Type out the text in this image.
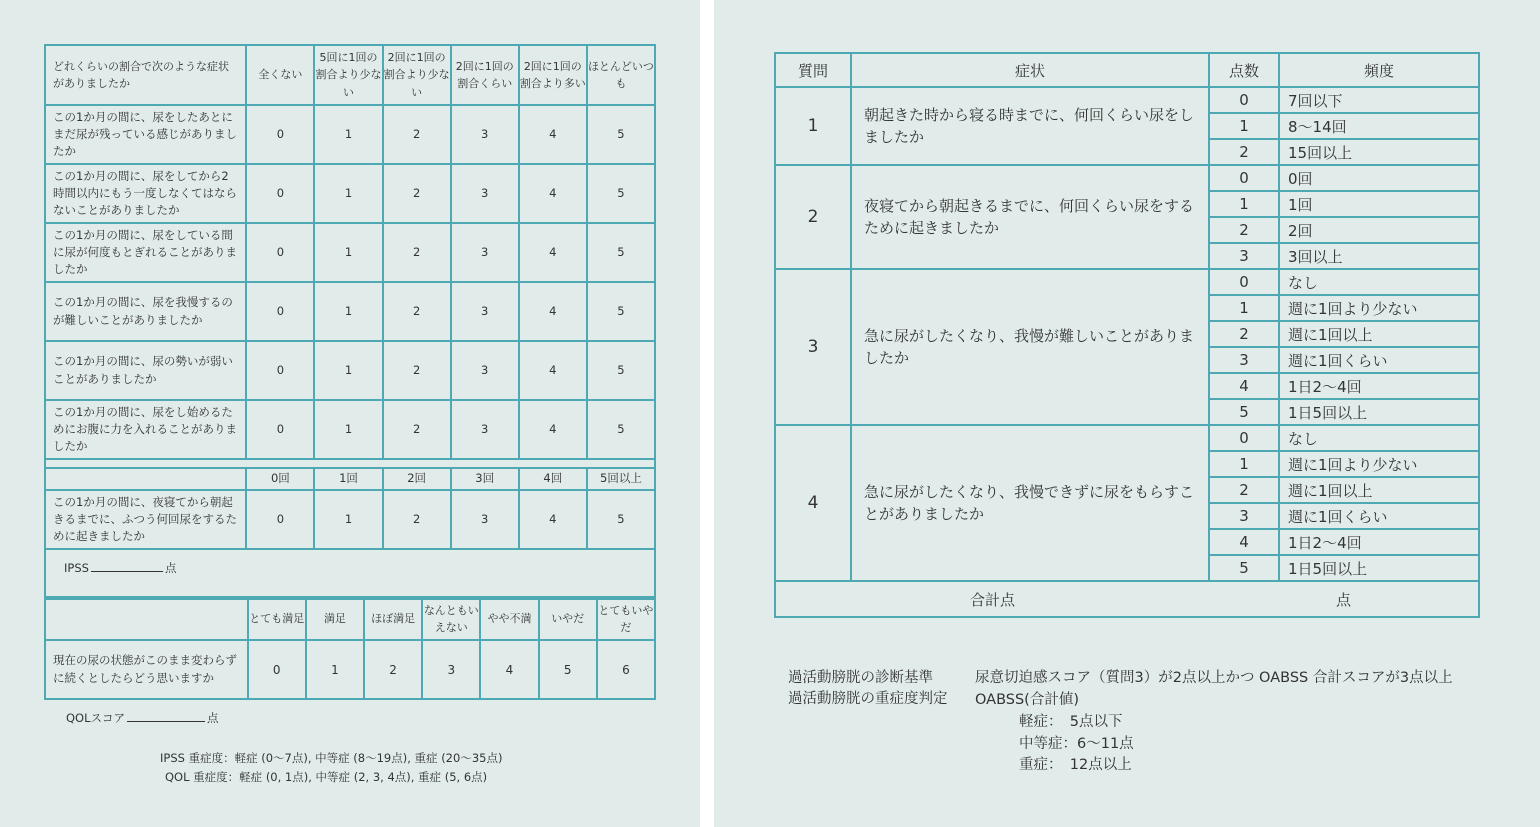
どれくらいの割合で次のような症状がありましたか	全くない	5回に1回の割合より少ない	2回に1回の割合より少ない	2回に1回の割合くらい	2回に1回の割合より多い	ほとんどいつも
この1か月の間に、尿をしたあとにまだ尿が残っている感じがありましたか	0	1	2	3	4	5
この1か月の間に、尿をしてから2時間以内にもう一度しなくてはならないことがありましたか	0	1	2	3	4	5
この1か月の間に、尿をしている間に尿が何度もとぎれることがありましたか	0	1	2	3	4	5
この1か月の間に、尿を我慢するのが難しいことがありましたか	0	1	2	3	4	5
この1か月の間に、尿の勢いが弱いことがありましたか	0	1	2	3	4	5
この1か月の間に、尿をし始めるためにお腹に力を入れることがありましたか	0	1	2	3	4	5

	0回	1回	2回	3回	4回	5回以上
この1か月の間に、夜寝てから朝起きるまでに、ふつう何回尿をするために起きましたか	0	1	2	3	4	5
IPSS 点						
	とても満足	満足	ほぼ満足	なんともいえない	やや不満	いやだ	とてもいやだ
現在の尿の状態がこのまま変わらずに続くとしたらどう思いますか	0	1	2	3	4	5	6
QOLスコア	点
IPSS 重症度：軽症 (0〜7点), 中等症 (8〜19点), 重症 (20〜35点)
QOL 重症度：軽症 (0, 1点), 中等症 (2, 3, 4点), 重症 (5, 6点)
質問	症状	点数	頻度
1	朝起きた時から寝る時までに、何回くらい尿をしましたか	0	7回以下
		1	8〜14回
		2	15回以上
2	夜寝てから朝起きるまでに、何回くらい尿をするために起きましたか	0	0回
		1	1回
		2	2回
		3	3回以上
3	急に尿がしたくなり、我慢が難しいことがありましたか	0	なし
		1	週に1回より少ない
		2	週に1回以上
		3	週に1回くらい
		4	1日2〜4回
		5	1日5回以上
4	急に尿がしたくなり、我慢できずに尿をもらすことがありましたか	0	なし
		1	週に1回より少ない
		2	週に1回以上
		3	週に1回くらい
		4	1日2〜4回
		5	1日5回以上
合計点		点	
過活動膀胱の診断基準
過活動膀胱の重症度判定
尿意切迫感スコア（質問3）が2点以上かつ OABSS 合計スコアが3点以上
OABSS(合計値)
軽症：　5点以下
中等症：6〜11点
重症：　12点以上
